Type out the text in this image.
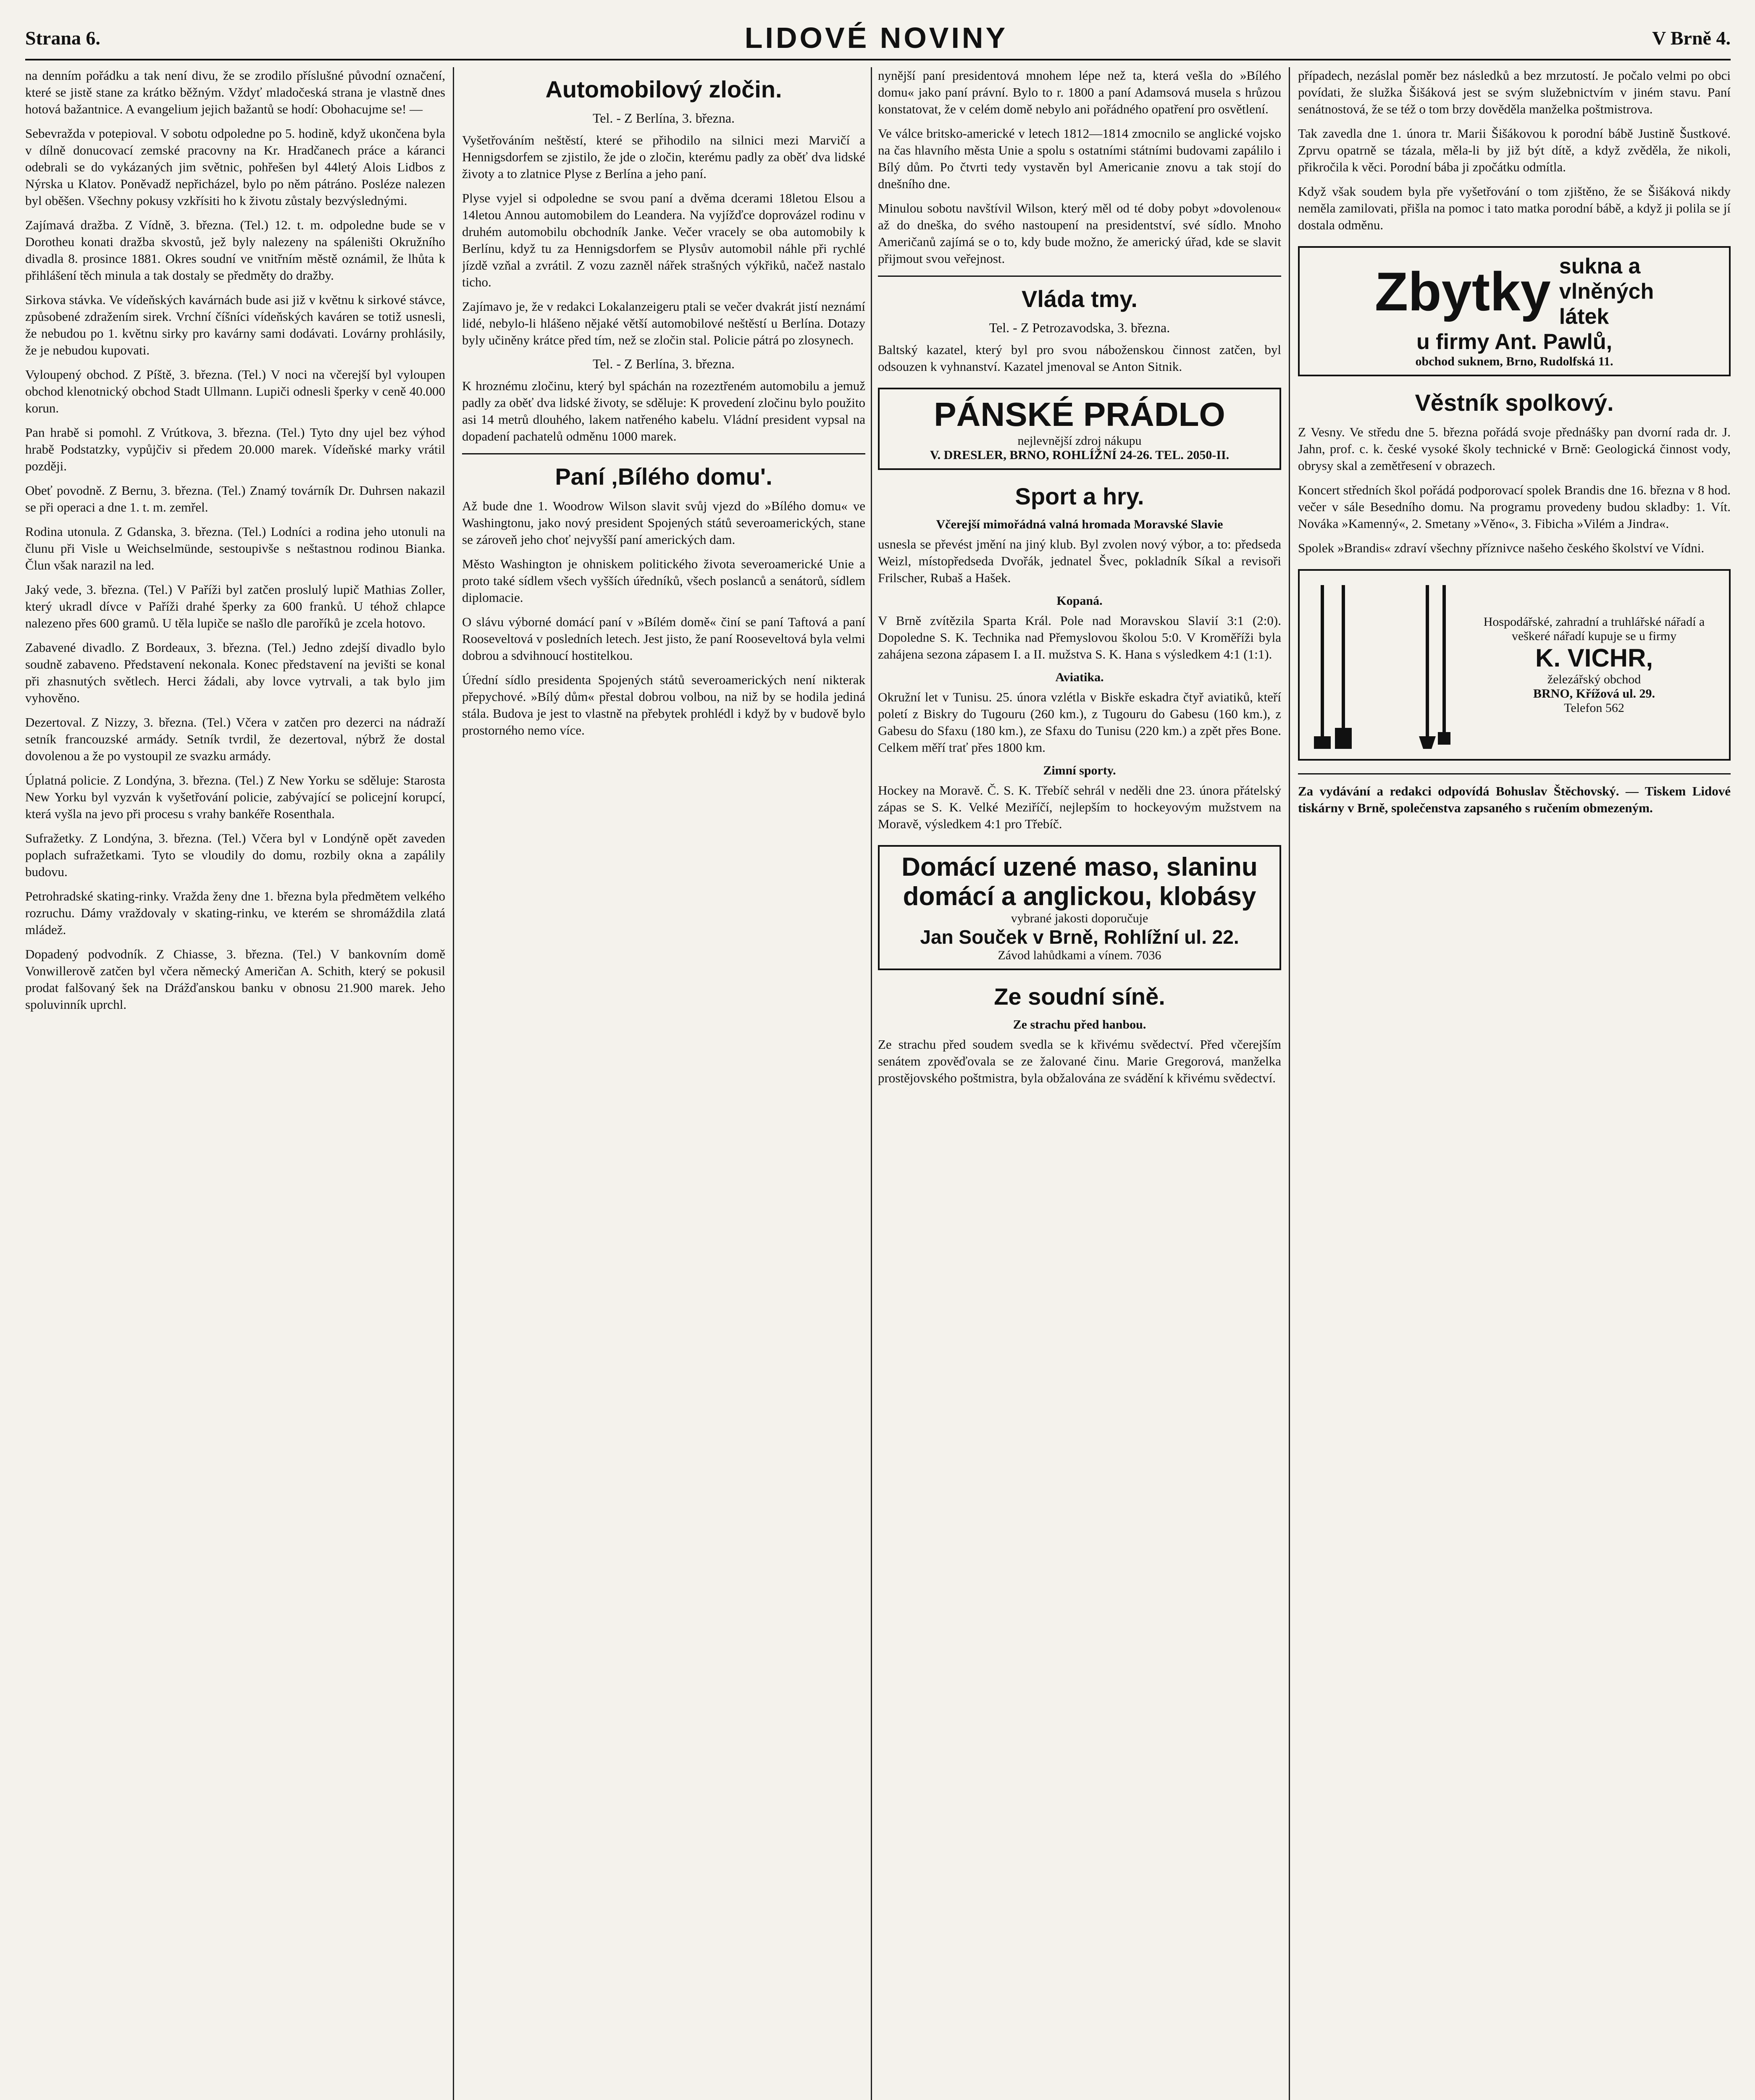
Strana 6.	LIDOVÉ NOVINY	V Brně 4.

na denním pořádku a tak není divu, že se zrodilo příslušné původní označení, které se jistě stane za krátko běžným. Vždyť mladočeská strana je vlastně dnes hotová bažantnice. A evangelium jejich bažantů se hodí: Obohacujme se! —

Sebevražda v potepioval. V sobotu odpoledne po 5. hodině, když ukončena byla v dílně donucovací zemské pracovny na Kr. Hradčanech práce a káranci odebrali se do vykázaných jim světnic, pohřešen byl 44letý Alois Lidbos z Nýrska u Klatov. Poněvadž nepřicházel, bylo po něm pátráno. Posléze nalezen byl oběšen. Všechny pokusy vzkřísiti ho k životu zůstaly bezvýslednými.

Zajímavá dražba. Z Vídně, 3. března. (Tel.) 12. t. m. odpoledne bude se v Dorotheu konati dražba skvostů, jež byly nalezeny na spáleništi Okružního divadla 8. prosince 1881. Okres soudní ve vnitřním městě oznámil, že lhůta k přihlášení těch minula a tak dostaly se předměty do dražby.

Sirkova stávka. Ve vídeňských kavárnách bude asi již v květnu k sirkové stávce, způsobené zdražením sirek. Vrchní číšníci vídeňských kaváren se totiž usnesli, že nebudou po 1. květnu sirky pro kavárny sami dodávati. Lovárny prohlásily, že je nebudou kupovati.

Vyloupený obchod. Z Píště, 3. března. (Tel.) V noci na včerejší byl vyloupen obchod klenotnický obchod Stadt Ullmann. Lupiči odnesli šperky v ceně 40.000 korun.

Pan hrabě si pomohl. Z Vrútkova, 3. března. (Tel.) Tyto dny ujel bez výhod hrabě Podstatzky, vypůjčiv si předem 20.000 marek. Vídeňské marky vrátil později.

Obeť povodně. Z Bernu, 3. března. (Tel.) Znamý továrník Dr. Duhrsen nakazil se při operaci a dne 1. t. m. zemřel.

Rodina utonula. Z Gdanska, 3. března. (Tel.) Lodníci a rodina jeho utonuli na člunu při Visle u Weichselmünde, sestoupivše s neštastnou rodinou Bianka. Člun však narazil na led.

Jaký vede, 3. března. (Tel.) V Paříži byl zatčen proslulý lupič Mathias Zoller, který ukradl dívce v Paříži drahé šperky za 600 franků. U téhož chlapce nalezeno přes 600 gramů. U těla lupiče se našlo dle paroříků je zcela hotovo.

Zabavené divadlo. Z Bordeaux, 3. března. (Tel.) Jedno zdejší divadlo bylo soudně zabaveno. Představení nekonala. Konec představení na jevišti se konal při zhasnutých světlech. Herci žádali, aby lovce vytrvali, a tak bylo jim vyhověno.

Dezertoval. Z Nizzy, 3. března. (Tel.) Včera v zatčen pro dezerci na nádraží setník francouzské armády. Setník tvrdil, že dezertoval, nýbrž že dostal dovolenou a že po vystoupil ze svazku armády.

Úplatná policie. Z Londýna, 3. března. (Tel.) Z New Yorku se sděluje: Starosta New Yorku byl vyzván k vyšetřování policie, zabývající se policejní korupcí, která vyšla na jevo při procesu s vrahy bankéře Rosenthala.

Sufražetky. Z Londýna, 3. března. (Tel.) Včera byl v Londýně opět zaveden poplach sufražetkami. Tyto se vloudily do domu, rozbily okna a zapálily budovu.

Petrohradské skating-rinky. Vražda ženy dne 1. března byla předmětem velkého rozruchu. Dámy vraždovaly v skating-rinku, ve kterém se shromáždila zlatá mládež.

Dopadený podvodník. Z Chiasse, 3. března. (Tel.) V bankovním domě Vonwillerově zatčen byl včera německý Američan A. Schith, který se pokusil prodat falšovaný šek na Drážďanskou banku v obnosu 21.900 marek. Jeho spoluvinník uprchl.

Automobilový zločin.
Tel. - Z Berlína, 3. března.

Vyšetřováním neštěstí, které se přihodilo na silnici mezi Marvičí a Hennigsdorfem se zjistilo, že jde o zločin, kterému padly za oběť dva lidské životy a to zlatnice Plyse z Berlína a jeho paní.

Plyse vyjel si odpoledne se svou paní a dvěma dcerami 18letou Elsou a 14letou Annou automobilem do Leandera. Na vyjížďce doprovázel rodinu v druhém automobilu obchodník Janke. Večer vracely se oba automobily k Berlínu, když tu za Hennigsdorfem se Plysův automobil náhle při rychlé jízdě vzňal a zvrátil. Z vozu zazněl nářek strašných výkřiků, načež nastalo ticho.

Zajímavo je, že v redakci Lokalanzeigeru ptali se večer dvakrát jistí neznámí lidé, nebylo-li hlášeno nějaké větší automobilové neštěstí u Berlína. Dotazy byly učiněny krátce před tím, než se zločin stal. Policie pátrá po zlosynech.

Tel. - Z Berlína, 3. března.

K hroznému zločinu, který byl spáchán na rozeztřeném automobilu a jemuž padly za oběť dva lidské životy, se sděluje: K provedení zločinu bylo použito asi 14 metrů dlouhého, lakem natřeného kabelu. Vládní president vypsal na dopadení pachatelů odměnu 1000 marek.

Paní ‚Bílého domu'.

Až bude dne 1. Woodrow Wilson slavit svůj vjezd do »Bílého domu« ve Washingtonu, jako nový president Spojených států severoamerických, stane se zároveň jeho choť nejvyšší paní amerických dam.

Město Washington je ohniskem politického života severoamerické Unie a proto také sídlem všech vyšších úředníků, všech poslanců a senátorů, sídlem diplomacie.

O slávu výborné domácí paní v »Bílém domě« činí se paní Taftová a paní Rooseveltová v posledních letech. Jest jisto, že paní Rooseveltová byla velmi dobrou a sdvihnoucí hostitelkou.

Úřední sídlo presidenta Spojených států severoamerických není nikterak přepychové. »Bílý dům« přestal dobrou volbou, na niž by se hodila jediná stála. Budova je jest to vlastně na přebytek prohlédl i když by v budově bylo prostorného nemo více.

nynější paní presidentová mnohem lépe než ta, která vešla do »Bílého domu« jako paní právní. Bylo to r. 1800 a paní Adamsová musela s hrůzou konstatovat, že v celém domě nebylo ani pořádného opatření pro osvětlení.

Ve válce britsko-americké v letech 1812—1814 zmocnilo se anglické vojsko na čas hlavního města Unie a spolu s ostatními státními budovami zapálilo i Bílý dům. Po čtvrti tedy vystavěn byl Americanie znovu a tak stojí do dnešního dne.

Minulou sobotu navštívil Wilson, který měl od té doby pobyt »dovolenou« až do dneška, do svého nastoupení na presidentství, své sídlo. Mnoho Američanů zajímá se o to, kdy bude možno, že americký úřad, kde se slavit přijmout svou veřejnost.

Vláda tmy.
Tel. - Z Petrozavodska, 3. března.

Baltský kazatel, který byl pro svou náboženskou činnost zatčen, byl odsouzen k vyhnanství. Kazatel jmenoval se Anton Sitnik.

PÁNSKÉ PRÁDLO
nejlevnější zdroj nákupu
V. DRESLER, BRNO, ROHLÍŽNÍ 24-26. TEL. 2050-II.
Sport a hry.
Včerejší mimořádná valná hromada Moravské Slavie

usnesla se převést jmění na jiný klub. Byl zvolen nový výbor, a to: předseda Weizl, místopředseda Dvořák, jednatel Švec, pokladník Síkal a revisoři Frilscher, Rubaš a Hašek.

Kopaná.

V Brně zvítězila Sparta Král. Pole nad Moravskou Slavií 3:1 (2:0). Dopoledne S. K. Technika nad Přemyslovou školou 5:0. V Kroměříži byla zahájena sezona zápasem I. a II. mužstva S. K. Hana s výsledkem 4:1 (1:1).

Aviatika.

Okružní let v Tunisu. 25. února vzlétla v Biskře eskadra čtyř aviatiků, kteří poletí z Biskry do Tugouru (260 km.), z Tugouru do Gabesu (160 km.), z Gabesu do Sfaxu (180 km.), ze Sfaxu do Tunisu (220 km.) a zpět přes Bone. Celkem měří trať přes 1800 km.

Zimní sporty.

Hockey na Moravě. Č. S. K. Třebíč sehrál v neděli dne 23. února přátelský zápas se S. K. Velké Meziříčí, nejlepším to hockeyovým mužstvem na Moravě, výsledkem 4:1 pro Třebíč.

Domácí uzené maso, slaninu domácí a anglickou, klobásy
vybrané jakosti doporučuje
Jan Souček v Brně, Rohlížní ul. 22.
Závod lahůdkami a vínem. 7036
Ze soudní síně.
Ze strachu před hanbou.

Ze strachu před soudem svedla se k křivému svědectví. Před včerejším senátem zpověďovala se ze žalované činu. Marie Gregorová, manželka prostějovského poštmistra, byla obžalována ze svádění k křivému svědectví.

případech, nezáslal poměr bez následků a bez mrzutostí. Je počalo velmi po obci povídati, že služka Šišáková jest se svým služebnictvím v jiném stavu. Paní senátnostová, že se též o tom brzy dověděla manželka poštmistrova.

Tak zavedla dne 1. února tr. Marii Šišákovou k porodní bábě Justině Šustkové. Zprvu opatrně se tázala, měla-li by již být dítě, a když zvěděla, že nikoli, přikročila k věci. Porodní bába ji zpočátku odmítla.

Když však soudem byla pře vyšetřování o tom zjištěno, že se Šišáková nikdy neměla zamilovati, přišla na pomoc i tato matka porodní bábě, a když ji polila se jí dostala odměnu.

Zbytky sukna a
vlněných
látek
u firmy Ant. Pawlů,
obchod suknem, Brno, Rudolfská 11.
Věstník spolkový.

Z Vesny. Ve středu dne 5. března pořádá svoje přednášky pan dvorní rada dr. J. Jahn, prof. c. k. české vysoké školy technické v Brně: Geologická činnost vody, obrysy skal a zemětřesení v obrazech.

Koncert středních škol pořádá podporovací spolek Brandis dne 16. března v 8 hod. večer v sále Besedního domu. Na programu provedeny budou skladby: 1. Vít. Nováka »Kamenný«, 2. Smetany »Věno«, 3. Fibicha »Vilém a Jindra«.

Spolek »Brandis« zdraví všechny příznivce našeho českého školství ve Vídni.

Hospodářské, zahradní a truhlářské nářadí a veškeré nářadí kupuje se u firmy
K. VICHR,
železářský obchod
BRNO, Křížová ul. 29.
Telefon 562

Za vydávání a redakci odpovídá Bohuslav Štěchovský. — Tiskem Lidové tiskárny v Brně, společenstva zapsaného s ručením obmezeným.
